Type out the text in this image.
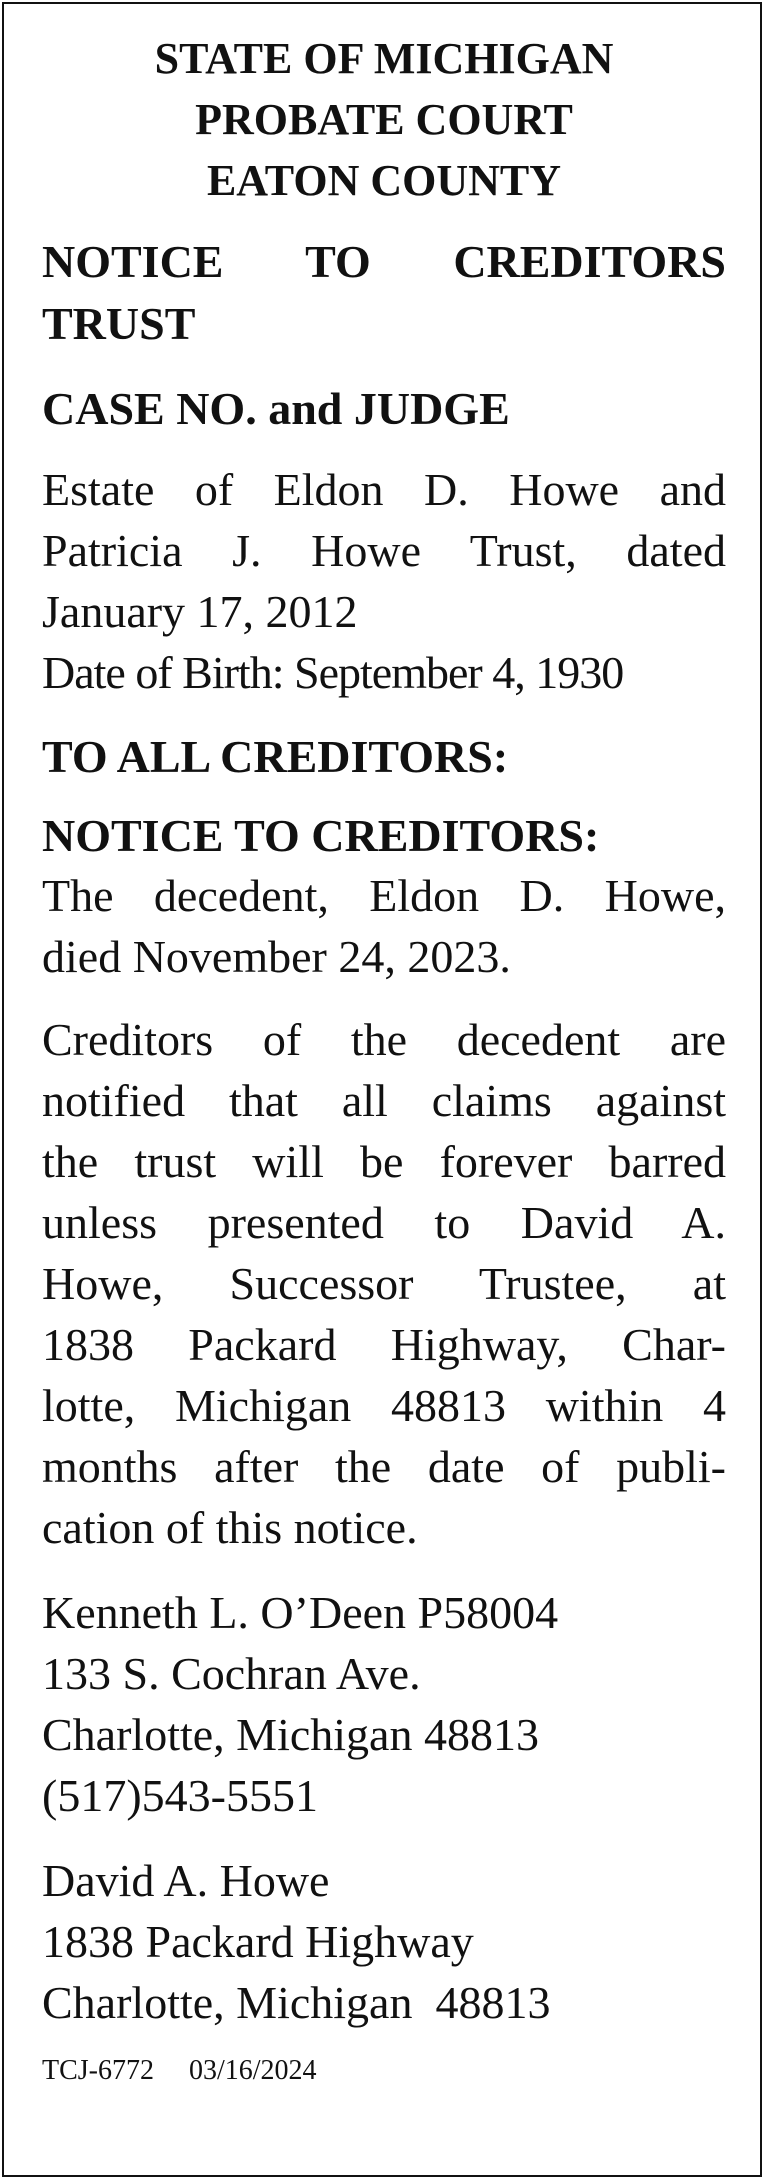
STATE OF MICHIGAN

PROBATE COURT

EATON COUNTY

NOTICE TO CREDITORS

TRUST

CASE NO. and JUDGE

Estate of Eldon D. Howe and

Patricia J. Howe Trust, dated

January 17, 2012

Date of Birth: September 4, 1930

TO ALL CREDITORS:

NOTICE TO CREDITORS:

The decedent, Eldon D. Howe,

died November 24, 2023.

Creditors of the decedent are

notified that all claims against

the trust will be forever barred

unless presented to David A.

Howe, Successor Trustee, at

1838 Packard Highway, Char-

lotte, Michigan 48813 within 4

months after the date of publi-

cation of this notice.

Kenneth L. O’Deen P58004

133 S. Cochran Ave.

Charlotte, Michigan 48813

(517)543-5551

David A. Howe

1838 Packard Highway

Charlotte, Michigan  48813

TCJ-6772 03/16/2024
